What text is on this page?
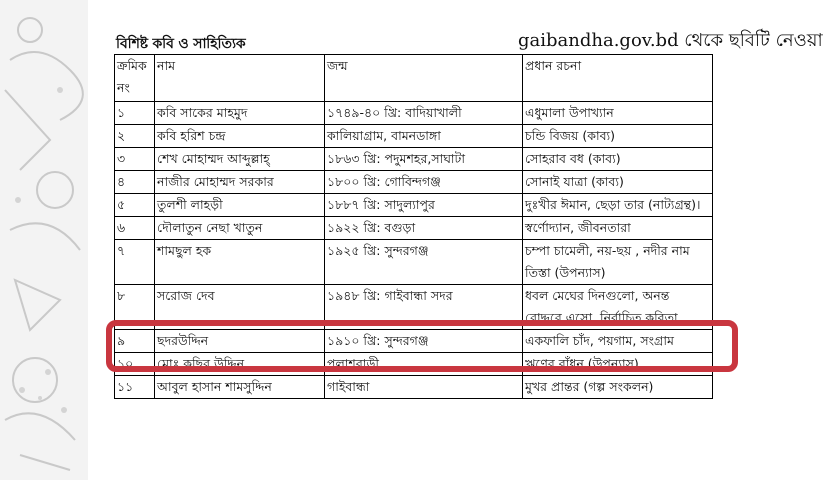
বিশিষ্ট কবি ও সাহিত্যিক	gaibandha.gov.bd থেকে ছবিটি নেওয়া
ক্রমিক নং	নাম	জন্ম	প্রধান রচনা
১	কবি সাকের মাহমুদ	১৭৪৯-৪০ খ্রি: বাদিয়াখালী	এধুমালা উপাখ্যান
২	কবি হরিশ চন্দ্র	কালিয়াগ্রাম, বামনডাঙ্গা	চন্ডি বিজয় (কাব্য)
৩	শেখ মোহাম্মদ আব্দুল্লাহ্	১৮৬৩ খ্রি: পদুমশহর,সাঘাটা	সোহরাব বধ (কাব্য)
৪	নাজীর মোহাম্মদ সরকার	১৮০০ খ্রি: গোবিন্দগঞ্জ	সোনাই যাত্রা (কাব্য)
৫	তুলশী লাহড়ী	১৮৮৭ খ্রি: সাদুল্যাপুর	দুঃখীর ঈমান, ছেড়া তার (নাট্যগ্রন্থ)।
৬	দৌলাতুন নেছা খাতুন	১৯২২ খ্রি: বগুড়া	স্বর্ণোদ্যান, জীবনতারা
৭	শামছুল হক	১৯২৫ খ্রি: সুন্দরগঞ্জ	চম্পা চামেলী, নয়-ছয় , নদীর নাম তিস্তা (উপন্যাস)
৮	সরোজ দেব	১৯৪৮ খ্রি: গাইবান্ধা সদর	ধবল মেঘের দিনগুলো, অনন্ত রোদ্দুরে এসো. নির্বাচিত কবিতা
৯	ছদরউদ্দিন	১৯১০ খ্রি: সুন্দরগঞ্জ	একফালি চাঁদ, পয়গাম, সংগ্রাম
১০	মোঃ কছির উদ্দিন	পলাশবাড়ী	ঋণের বাঁধন (উপন্যাস)
১১	আবুল হাসান শামসুদ্দিন	গাইবান্ধা	মুখর প্রান্তর (গল্প সংকলন)
